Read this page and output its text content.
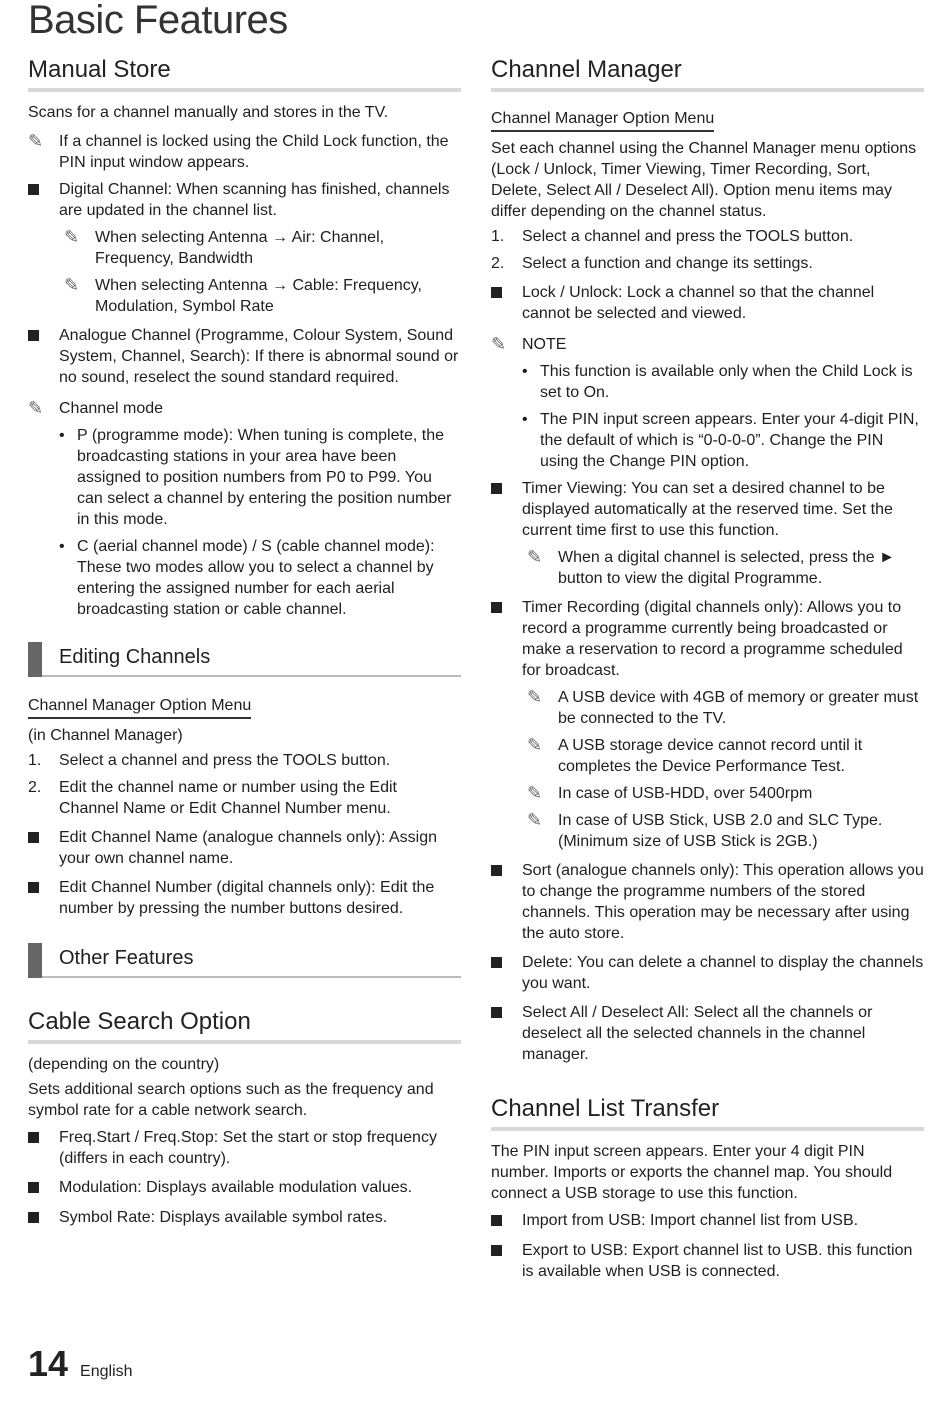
Basic Features
Manual Store

Scans for a channel manually and stores in the TV.

✎ If a channel is locked using the Child Lock function, the PIN input window appears.
Digital Channel: When scanning has finished, channels are updated in the channel list.
✎ When selecting Antenna → Air: Channel, Frequency, Bandwidth
✎ When selecting Antenna → Cable: Frequency, Modulation, Symbol Rate
Analogue Channel (Programme, Colour System, Sound System, Channel, Search): If there is abnormal sound or no sound, reselect the sound standard required.
✎ Channel mode
• P (programme mode): When tuning is complete, the broadcasting stations in your area have been assigned to position numbers from P0 to P99. You can select a channel by entering the position number in this mode.
• C (aerial channel mode) / S (cable channel mode): These two modes allow you to select a channel by entering the assigned number for each aerial broadcasting station or cable channel.
Editing Channels
Channel Manager Option Menu

(in Channel Manager)

1.	Select a channel and press the TOOLS button.
2.	Edit the channel name or number using the Edit Channel Name or Edit Channel Number menu.
Edit Channel Name (analogue channels only): Assign your own channel name.
Edit Channel Number (digital channels only): Edit the number by pressing the number buttons desired.
Other Features
Cable Search Option

(depending on the country)

Sets additional search options such as the frequency and symbol rate for a cable network search.

Freq.Start / Freq.Stop: Set the start or stop frequency (differs in each country).
Modulation: Displays available modulation values.
Symbol Rate: Displays available symbol rates.
Channel Manager
Channel Manager Option Menu

Set each channel using the Channel Manager menu options (Lock / Unlock, Timer Viewing, Timer Recording, Sort, Delete, Select All / Deselect All). Option menu items may differ depending on the channel status.

1.	Select a channel and press the TOOLS button.
2.	Select a function and change its settings.
Lock / Unlock: Lock a channel so that the channel cannot be selected and viewed.
✎ NOTE
• This function is available only when the Child Lock is set to On.
• The PIN input screen appears. Enter your 4-digit PIN, the default of which is “0-0-0-0”. Change the PIN using the Change PIN option.
Timer Viewing: You can set a desired channel to be displayed automatically at the reserved time. Set the current time first to use this function.
✎ When a digital channel is selected, press the ► button to view the digital Programme.
Timer Recording (digital channels only): Allows you to record a programme currently being broadcasted or make a reservation to record a programme scheduled for broadcast.
✎ A USB device with 4GB of memory or greater must be connected to the TV.
✎ A USB storage device cannot record until it completes the Device Performance Test.
✎ In case of USB-HDD, over 5400rpm
✎ In case of USB Stick, USB 2.0 and SLC Type. (Minimum size of USB Stick is 2GB.)
Sort (analogue channels only): This operation allows you to change the programme numbers of the stored channels. This operation may be necessary after using the auto store.
Delete: You can delete a channel to display the channels you want.
Select All / Deselect All: Select all the channels or deselect all the selected channels in the channel manager.
Channel List Transfer

The PIN input screen appears. Enter your 4 digit PIN number. Imports or exports the channel map. You should connect a USB storage to use this function.

Import from USB: Import channel list from USB.
Export to USB: Export channel list to USB. this function is available when USB is connected.
14 English
